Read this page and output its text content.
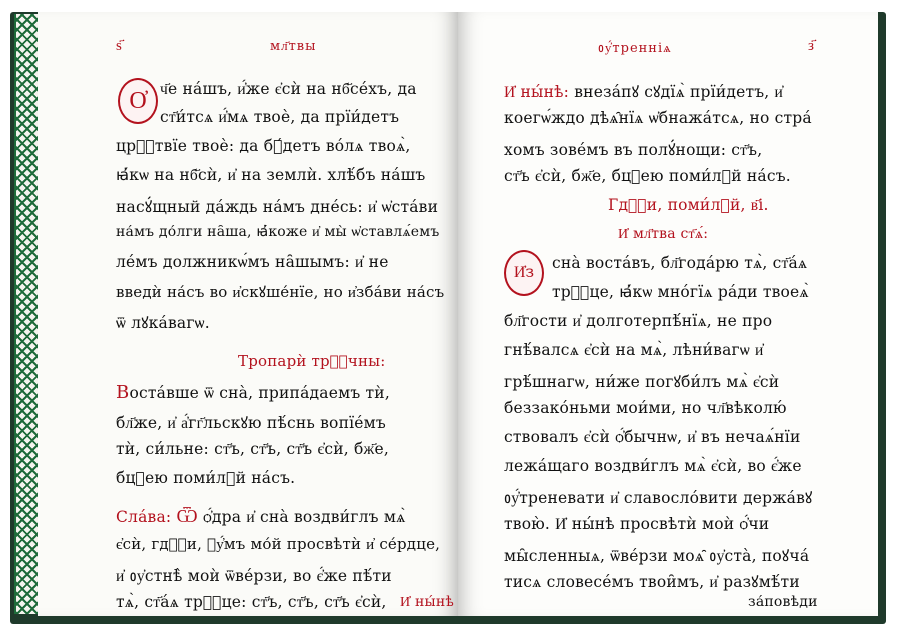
ѕ҃	мл҃твы
О҆ ч҃е на́шъ, и҆́же є҆сѝ на нб҃се́хъ, да
ст҃и́тсѧ и҆́мѧ твоѐ, да прїи́детъ
црⷭ҇твїе твоѐ: да бꙋ́детъ во́лѧ твоѧ̀,
ꙗ҆́кѡ на нб҃сѝ, и҆ на землѝ. хлѣ́бъ на́шъ
насꙋ́щный да́ждь на́мъ дне́сь: и҆ ѡ҆ста́ви
на́мъ до́лги на̑ша, ꙗ҆́коже и҆ мы̀ ѡ҆ставлѧ́емъ
ле́мъ должникѡ́мъ на̑шымъ: и҆ не
введѝ на́съ во и҆скꙋше́нїе, но и҆зба́ви на́съ
ѿ лꙋка́вагѡ.
Тропарѝ трⷪ҇чны:
Воста́вше ѿ сна̀, припа́даемъ тѝ,
бл҃же, и҆ а҆́гг҃льскꙋю пѣ́снь вопїе́мъ
тѝ, си́льне: ст҃ъ, ст҃ъ, ст҃ъ є҆сѝ, бж҃е,
бцⷣею поми́лꙋй на́съ.
Сла́ва: Ѿ ѻ҆́дра и҆ сна̀ воздви́глъ мѧ̀
є҆сѝ, гдⷭ҇и, ᲂу҆́мъ мо́й просвѣтѝ и҆ се́рдце,
и҆ ᲂу҆стнѣ̀ моѝ ѿве́рзи, во є҆́же пѣ́ти
тѧ̀, ст҃а́ѧ трⷪ҇це: ст҃ъ, ст҃ъ, ст҃ъ є҆сѝ,
ᲂу҆́тренніѧ	з҃
И҆ ны́нѣ: внеза́пꙋ сꙋдїѧ̀ прїи́детъ, и҆
коегѡ́ждо дѣѧ̑нїѧ ѡ҆бнажа́тсѧ, но стра́
хомъ зове́мъ въ полꙋ́нощи: ст҃ъ,
ст҃ъ є҆сѝ, бж҃е, бцⷣею поми́лꙋй на́съ.
Гдⷭ҇и, поми́лꙋй, в҃і.
И҆ мл҃тва ст҃ѧ́:
И҆з	сна̀ воста́въ, бл҃года́рю тѧ̀, ст҃а́ѧ
трⷪ҇це, ꙗ҆́кѡ мно́гїѧ ра́ди твоеѧ̀
бл҃гости и҆ долготерпѣ́нїѧ, не про
гнѣ́валсѧ є҆сѝ на мѧ̀, лѣни́вагѡ и҆
грѣ́шнагѡ, ни́же погꙋби́лъ мѧ̀ є҆сѝ
беззако́ньми мои́ми, но чл҃вѣколю́
ствовалъ є҆сѝ ѻ҆́бычнѡ, и҆ въ нечаѧ́нїи
лежа́щаго воздви́глъ мѧ̀ є҆сѝ, во є҆́же
ᲂу҆́треневати и҆ славосло́вити держа́вꙋ
твою̀. И҆ ны́нѣ просвѣтѝ моѝ ѻ҆́чи
мы̑сленныѧ, ѿве́рзи моѧ̑ ᲂу҆ста̀, поꙋча́
тисѧ словесе́мъ твои̑мъ, и҆ разꙋмѣ́ти
за́повѣди
И҆ ны́нѣ
